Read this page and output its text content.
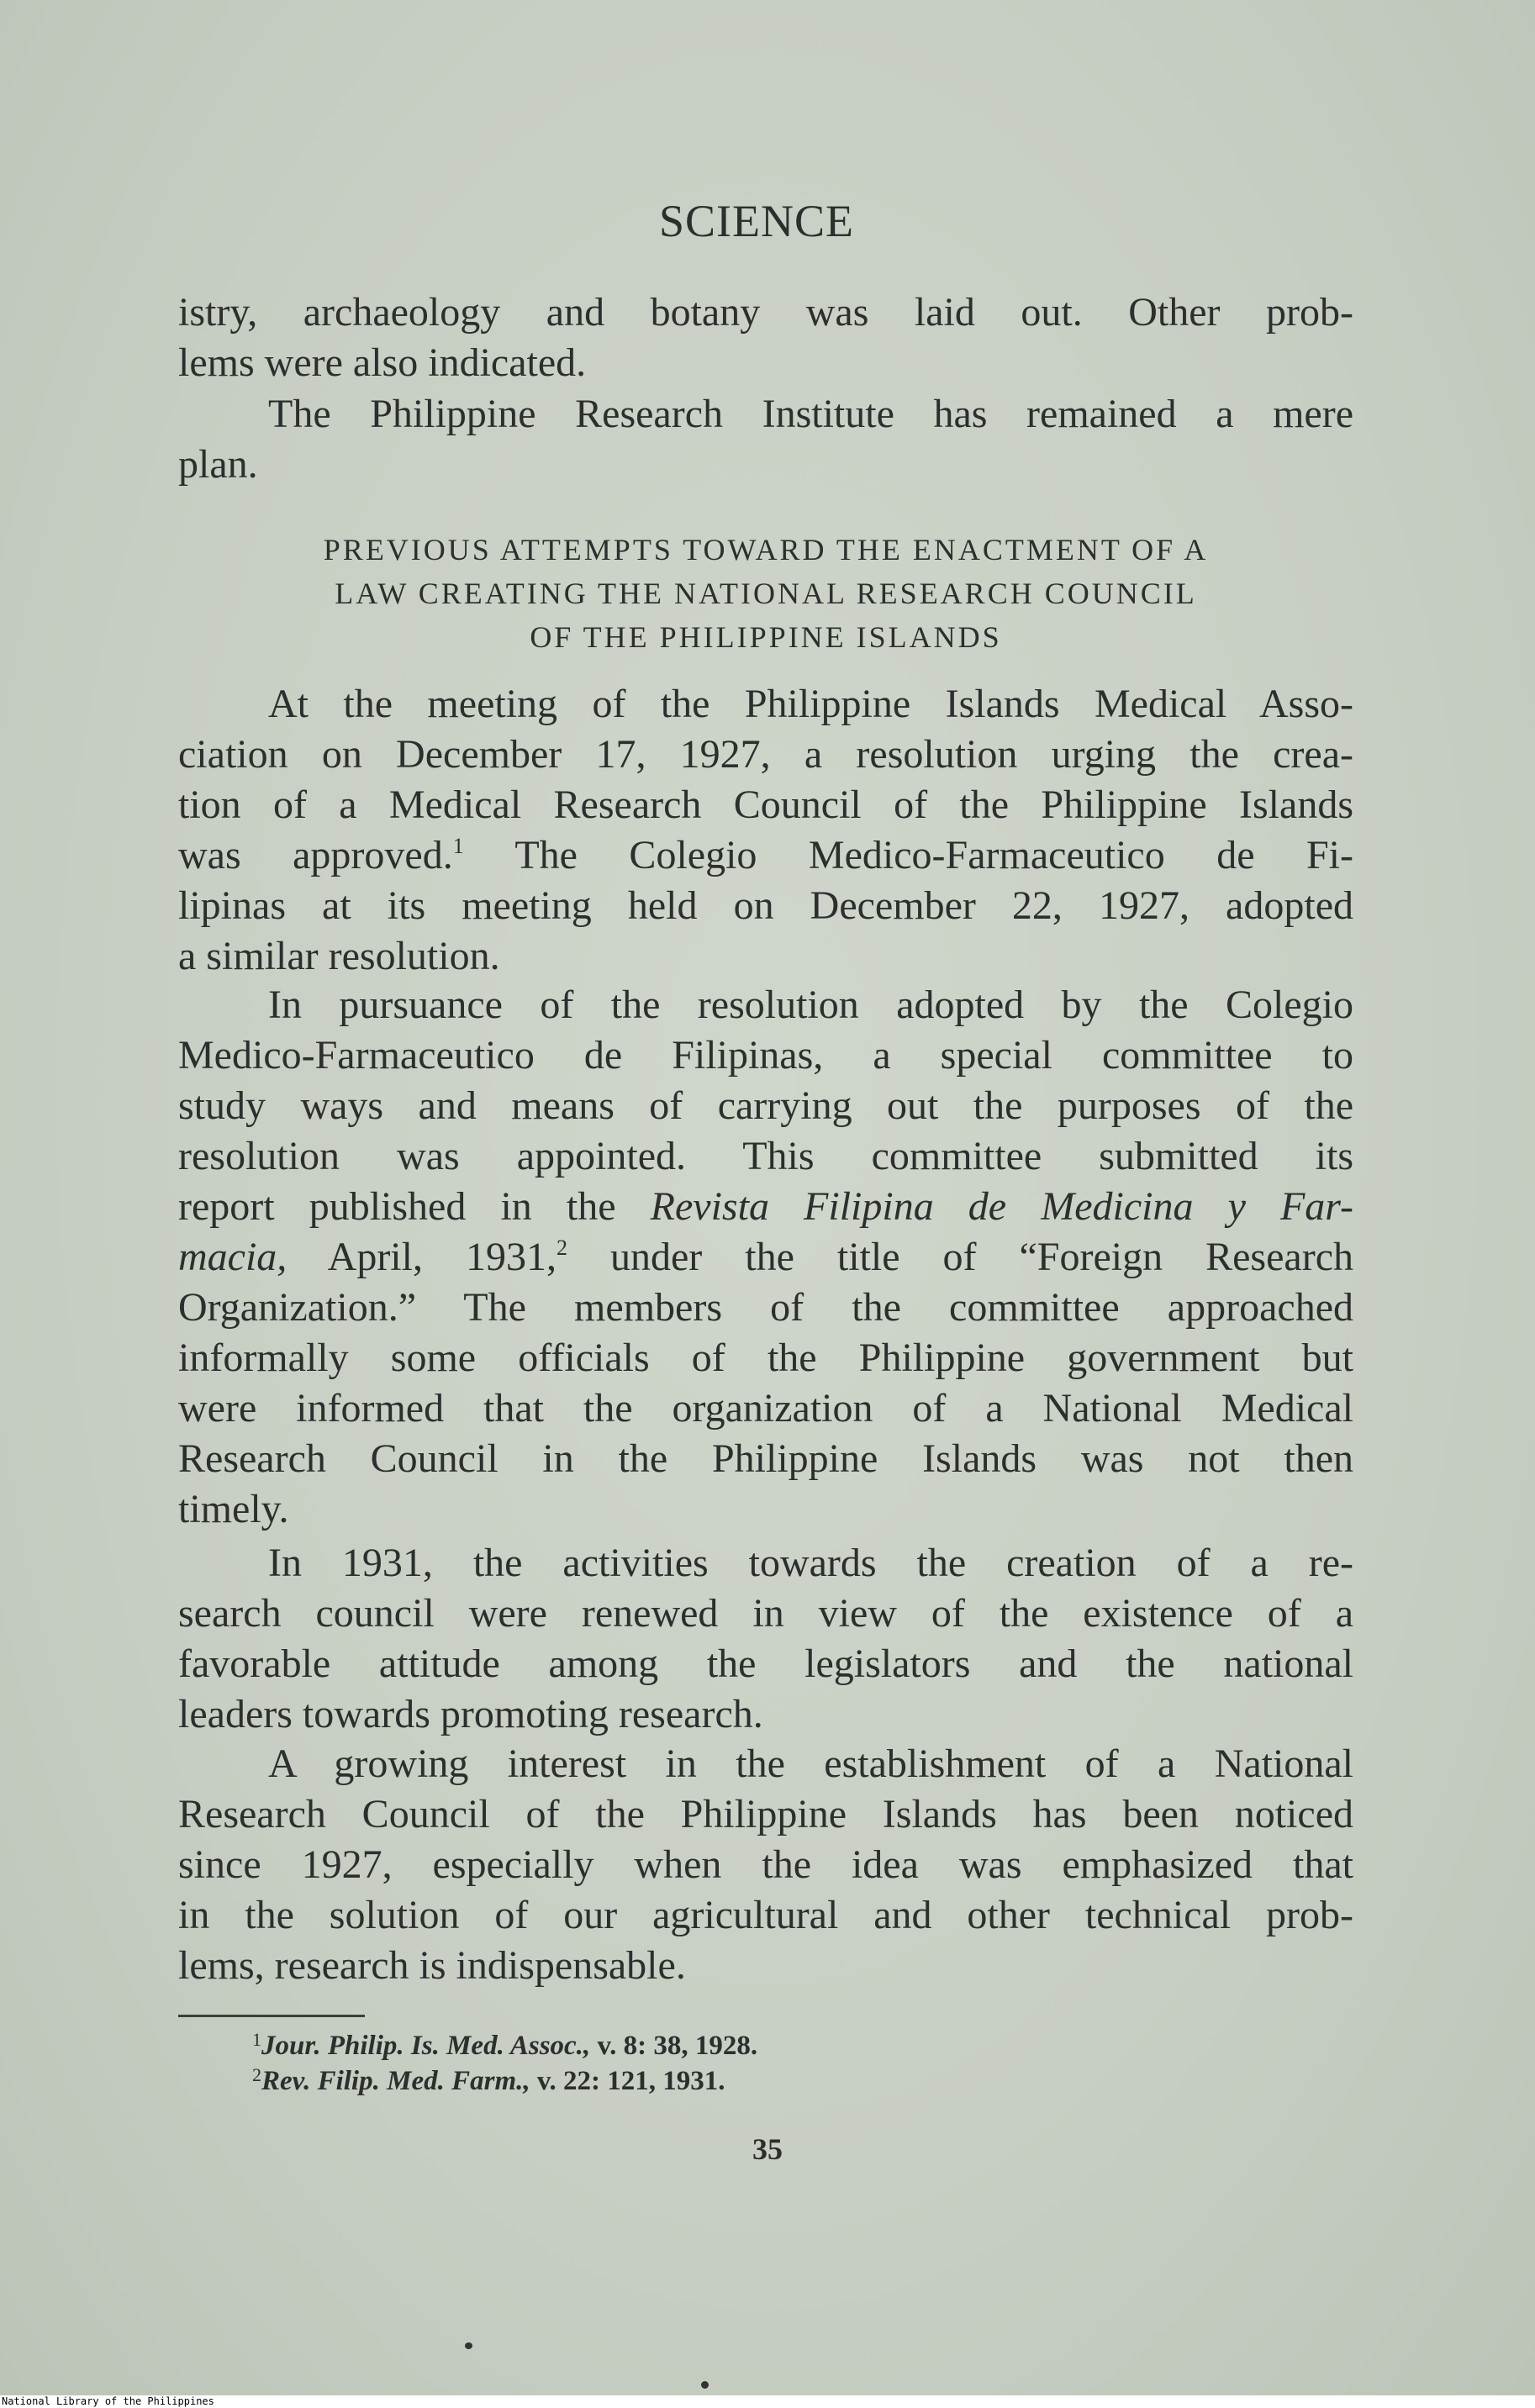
SCIENCE
istry, archaeology and botany was laid out. Other prob-
lems were also indicated.
The Philippine Research Institute has remained a mere
plan.
PREVIOUS ATTEMPTS TOWARD THE ENACTMENT OF A
LAW CREATING THE NATIONAL RESEARCH COUNCIL
OF THE PHILIPPINE ISLANDS
At the meeting of the Philippine Islands Medical Asso-
ciation on December 17, 1927, a resolution urging the crea-
tion of a Medical Research Council of the Philippine Islands
was approved.$^1$ The Colegio Medico-Farmaceutico de Fi-
lipinas at its meeting held on December 22, 1927, adopted
a similar resolution.
In pursuance of the resolution adopted by the Colegio
Medico-Farmaceutico de Filipinas, a special committee to
study ways and means of carrying out the purposes of the
resolution was appointed. This committee submitted its
report published in the Revista Filipina de Medicina y Far-
macia, April, 1931,$^2$ under the title of “Foreign Research
Organization.” The members of the committee approached
informally some officials of the Philippine government but
were informed that the organization of a National Medical
Research Council in the Philippine Islands was not then
timely.
In 1931, the activities towards the creation of a re-
search council were renewed in view of the existence of a
favorable attitude among the legislators and the national
leaders towards promoting research.
A growing interest in the establishment of a National
Research Council of the Philippine Islands has been noticed
since 1927, especially when the idea was emphasized that
in the solution of our agricultural and other technical prob-
lems, research is indispensable.
$^1$Jour. Philip. Is. Med. Assoc., v. 8: 38, 1928.
$^2$Rev. Filip. Med. Farm., v. 22: 121, 1931.
35
National Library of the Philippines
